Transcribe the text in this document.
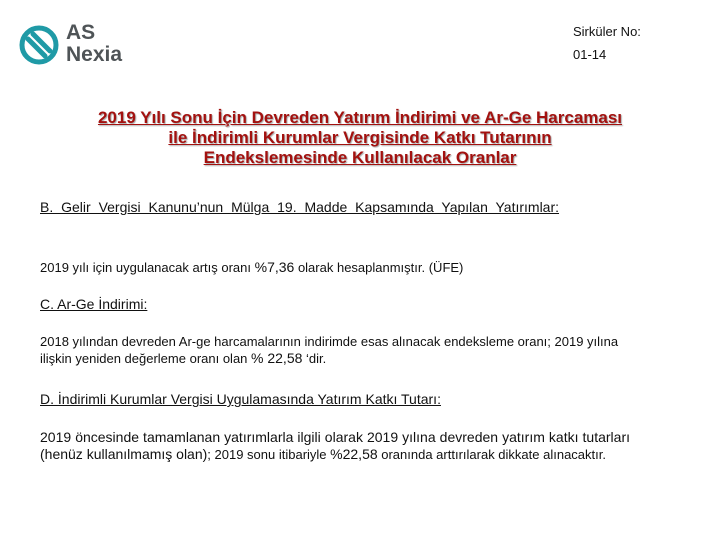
AS
Nexia
Sirküler No:
01-14
2019 Yılı Sonu İçin Devreden Yatırım İndirimi ve Ar-Ge Harcaması
ile İndirimli Kurumlar Vergisinde Katkı Tutarının
Endekslemesinde Kullanılacak Oranlar
B. Gelir Vergisi Kanunu’nun Mülga 19. Madde Kapsamında Yapılan Yatırımlar:
2019 yılı için uygulanacak artış oranı %7,36 olarak hesaplanmıştır. (ÜFE)
C. Ar-Ge İndirimi:
2018 yılından devreden Ar-ge harcamalarının indirimde esas alınacak endeksleme oranı; 2019 yılına ilişkin yeniden değerleme oranı olan % 22,58 ‘dir.
D. İndirimli Kurumlar Vergisi Uygulamasında Yatırım Katkı Tutarı:
2019 öncesinde tamamlanan yatırımlarla ilgili olarak 2019 yılına devreden yatırım katkı tutarları (henüz kullanılmamış olan); 2019 sonu itibariyle %22,58 oranında arttırılarak dikkate alınacaktır.
